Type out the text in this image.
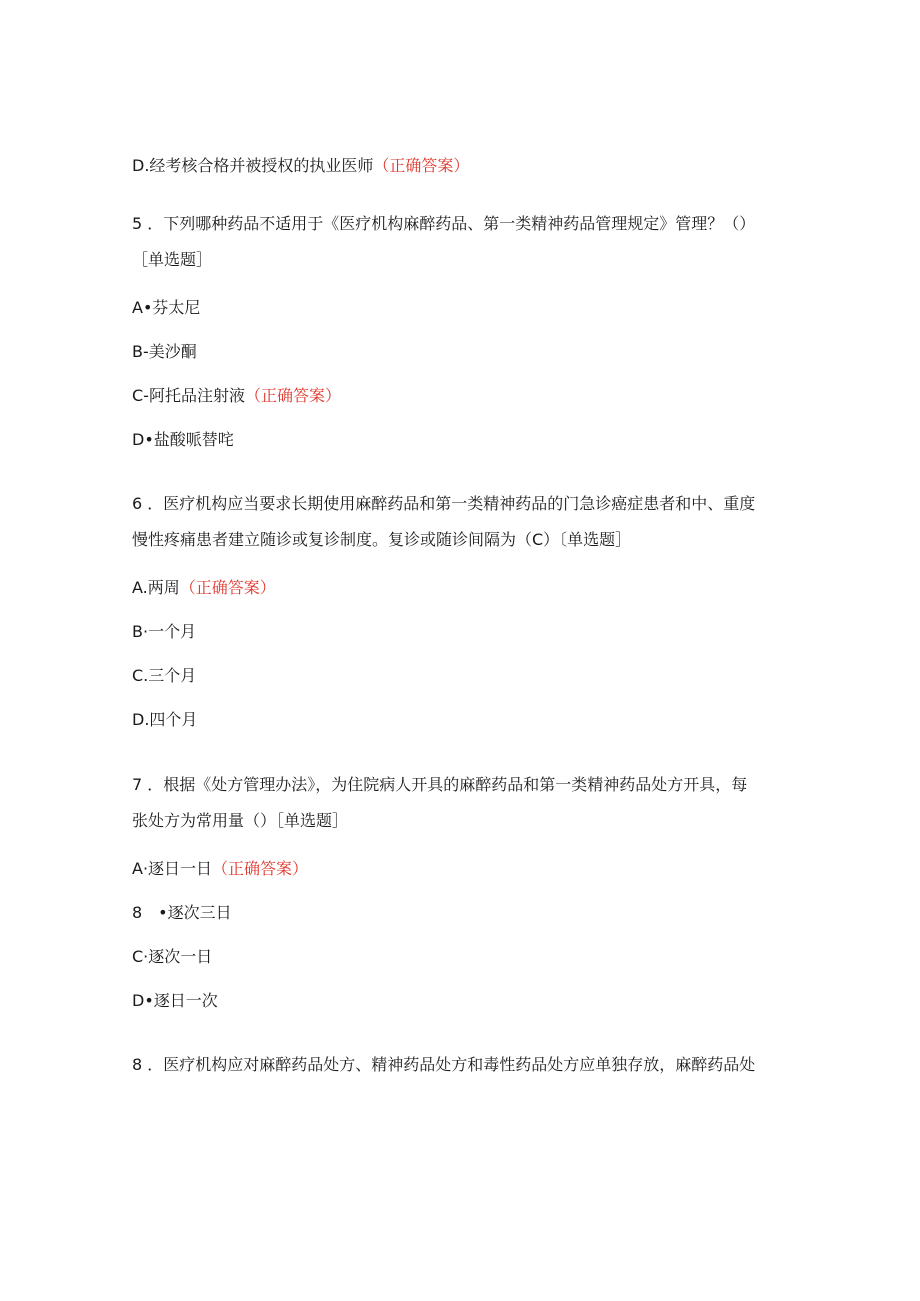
D.经考核合格并被授权的执业医师（正确答案）
5 ．下列哪种药品不适用于《医疗机构麻醉药品、第一类精神药品管理规定》管理？（）
［单选题］
A•芬太尼
B-美沙酮
C-阿托品注射液（正确答案）
D•盐酸哌替咤
6 ．医疗机构应当要求长期使用麻醉药品和第一类精神药品的门急诊癌症患者和中、重度
慢性疼痛患者建立随诊或复诊制度。复诊或随诊间隔为（C）〔单选题］
A.两周（正确答案）
B·一个月
C.三个月
D.四个月
7 ．根据《处方管理办法》，为住院病人开具的麻醉药品和第一类精神药品处方开具，每
张处方为常用量（）［单选题］
A·逐日一日（正确答案）
8　•逐次三日
C·逐次一日
D•逐日一次
8 ．医疗机构应对麻醉药品处方、精神药品处方和毒性药品处方应单独存放，麻醉药品处
